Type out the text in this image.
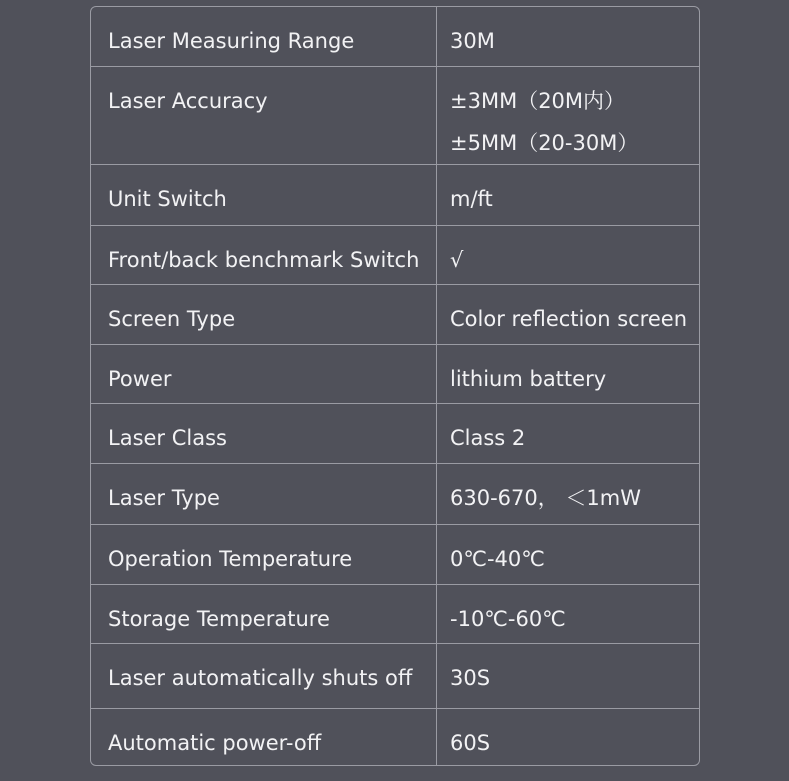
Laser Measuring Range	30M
Laser Accuracy	±3MM（20M内）
±5MM（20-30M）
Unit Switch	m/ft
Front/back benchmark Switch	√
Screen Type	Color reflection screen
Power	lithium battery
Laser Class	Class 2
Laser Type	630-670， ＜1mW
Operation Temperature	0℃-40℃
Storage Temperature	-10℃-60℃
Laser automatically shuts off	30S
Automatic power-off	60S
